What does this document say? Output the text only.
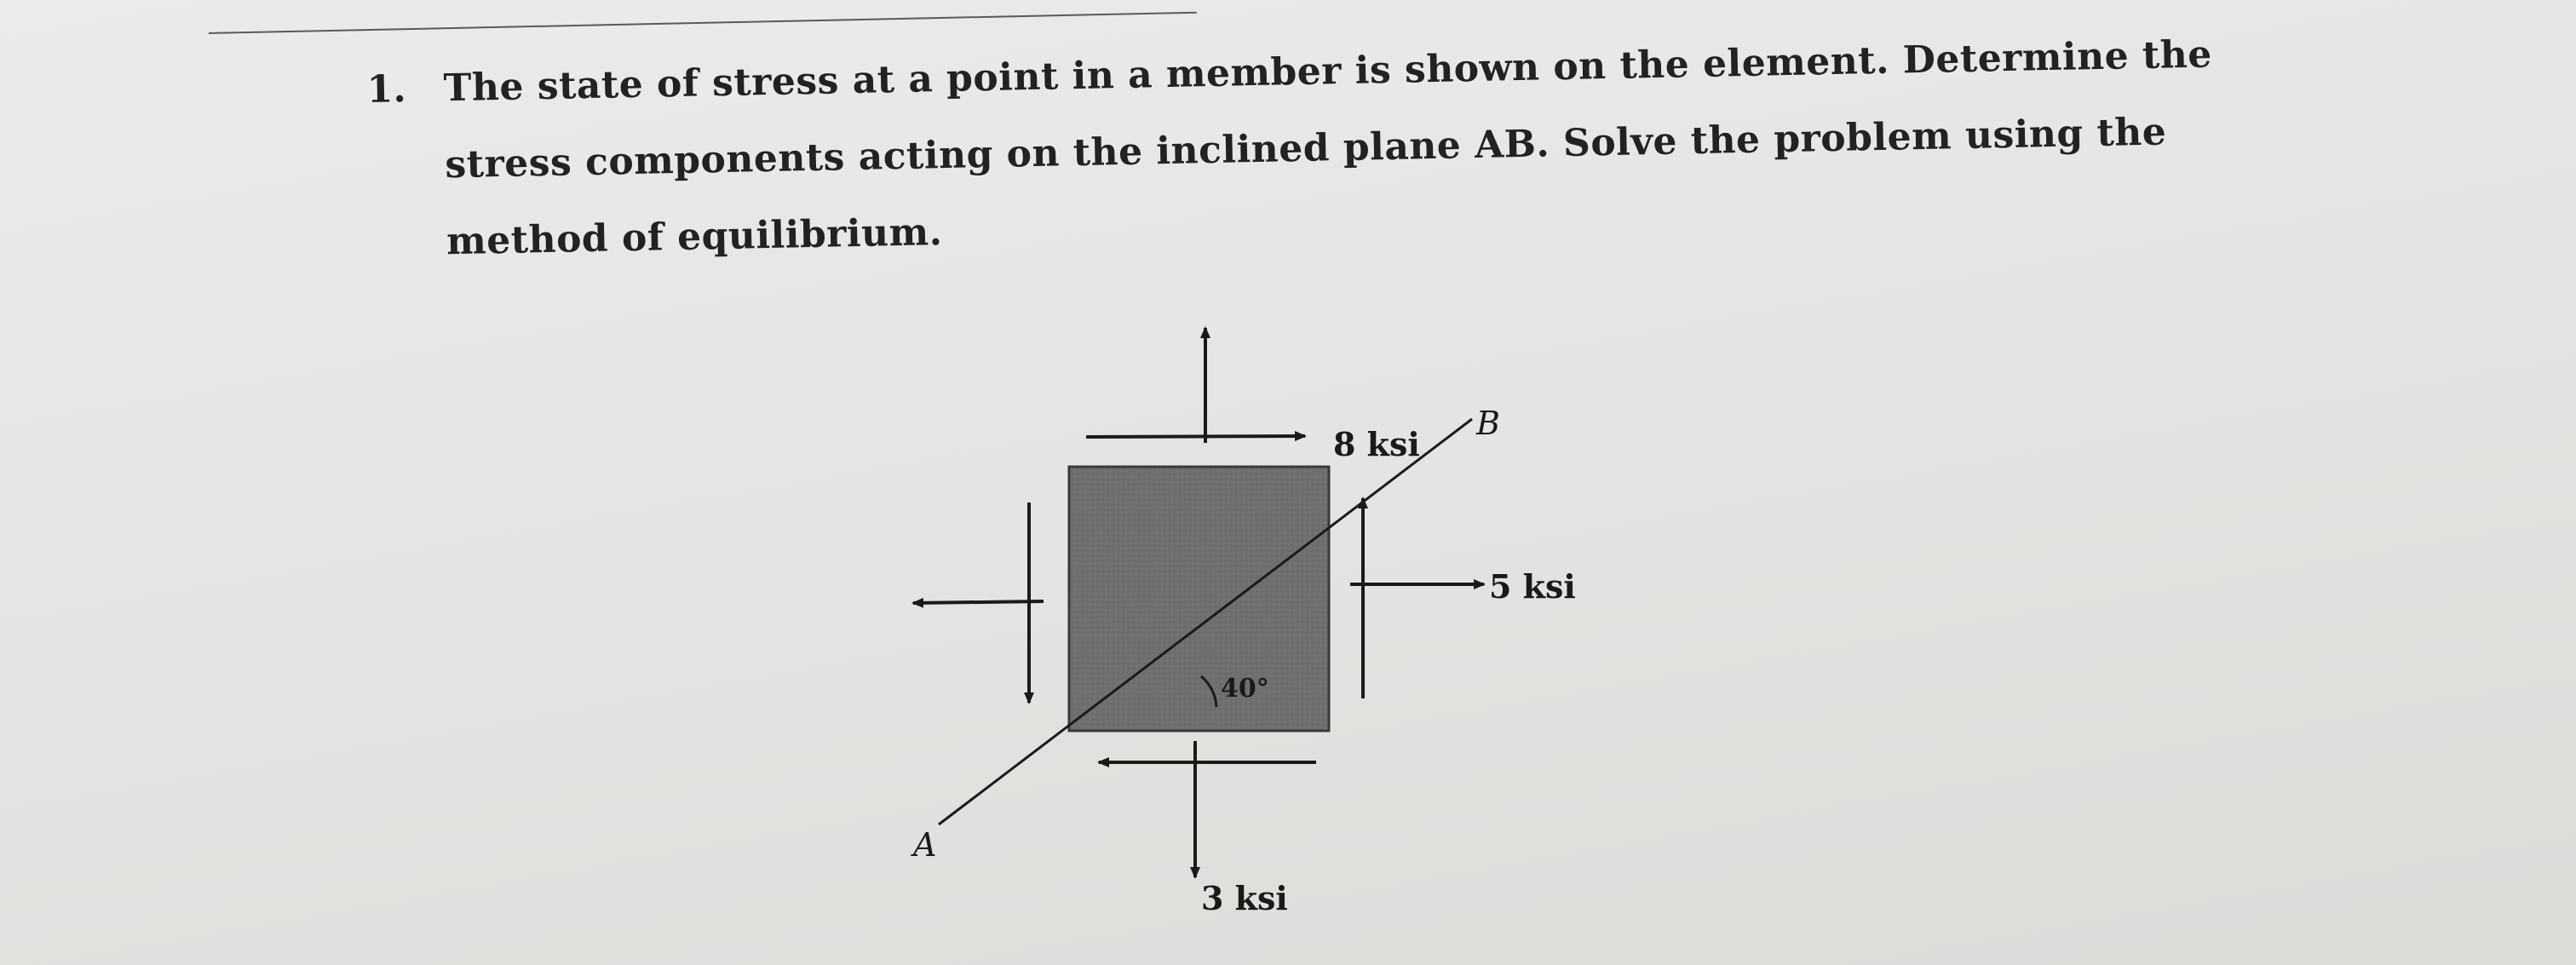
1. The state of stress at a point in a member is shown on the element. Determine the
stress components acting on the inclined plane AB. Solve the problem using the
method of equilibrium.
8 ksi
B
5 ksi
40°
A
3 ksi
